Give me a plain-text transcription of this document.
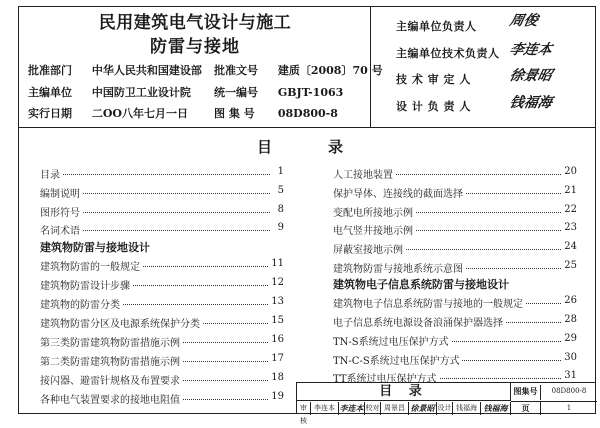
民用建筑电气设计与施工
防雷与接地
批准部门 中华人民共和国建设部 批准文号 建质〔2008〕70 号
主编单位 中国防卫工业设计院 统一编号 GBJT-1063
实行日期 二OO八年七月一日 图 集 号 08D800-8
主编单位负责人 周俊
主编单位技术负责人 李连本
技 术 审 定 人	徐景昭
设 计 负 责 人	钱福海
目	录
目录	1
编制说明	5
图形符号	8
名词术语	9
建筑物防雷与接地设计
建筑物防雷的一般规定	11
建筑物防雷设计步骤	12
建筑物的防雷分类	13
建筑物防雷分区及电源系统保护分类	15
第三类防雷建筑物防雷措施示例	16
第二类防雷建筑物防雷措施示例	17
接闪器、避雷针规格及布置要求	18
各种电气装置要求的接地电阻值	19
人工接地装置	20
保护导体、连接线的截面选择	21
变配电所接地示例	22
电气竖井接地示例	23
屏蔽室接地示例	24
建筑物防雷与接地系统示意图	25
建筑物电子信息系统防雷与接地设计
建筑物电子信息系统防雷与接地的一般规定	26
电子信息系统电源设备浪涌保护器选择	28
TN-S系统过电压保护方式	29
TN-C-S系统过电压保护方式	30
TT系统过电压保护方式	31
目 录	图集号	08D800-8
审核
李连本 李连本 校对 周景昌 徐景昭 设计 钱福海 钱福海	页	1
